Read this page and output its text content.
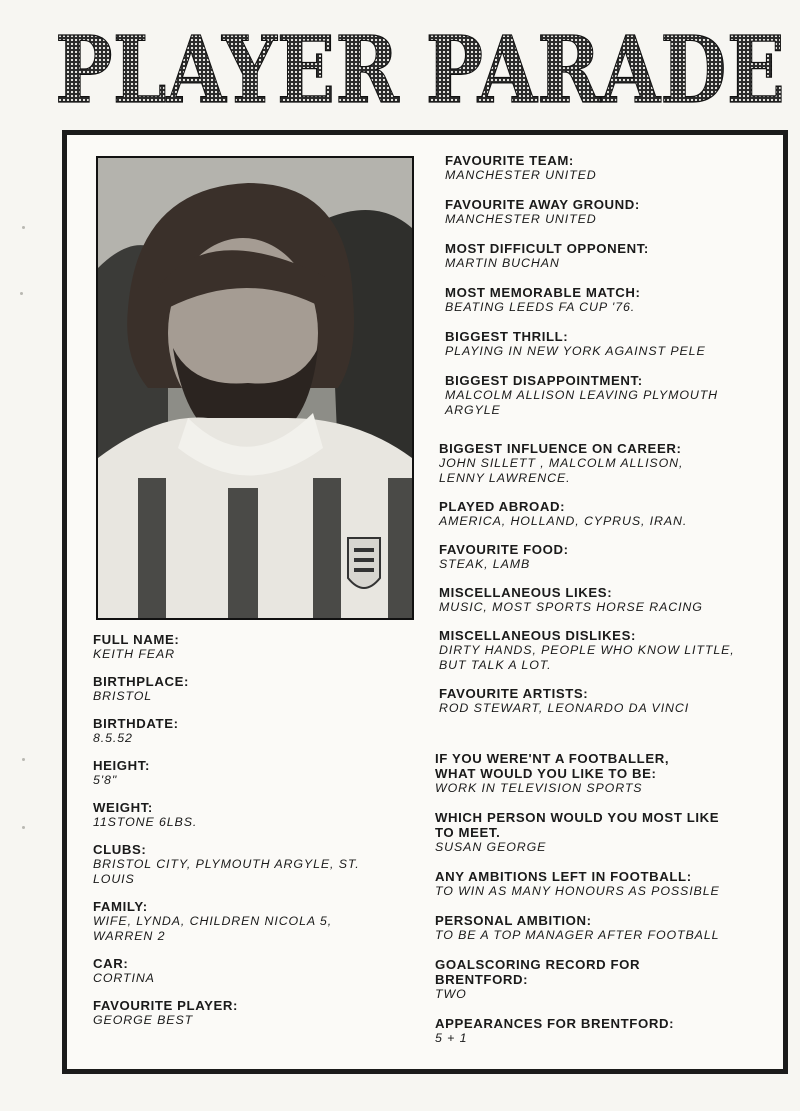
PLAYER PARADE
FULL NAME:
KEITH FEAR
BIRTHPLACE:
BRISTOL
BIRTHDATE:
8.5.52
HEIGHT:
5'8"
WEIGHT:
11STONE 6LBS.
CLUBS:
BRISTOL CITY, PLYMOUTH ARGYLE, ST.
LOUIS
FAMILY:
WIFE, LYNDA, CHILDREN NICOLA 5,
WARREN 2
CAR:
CORTINA
FAVOURITE PLAYER:
GEORGE BEST
FAVOURITE TEAM:
MANCHESTER UNITED
FAVOURITE AWAY GROUND:
MANCHESTER UNITED
MOST DIFFICULT OPPONENT:
MARTIN BUCHAN
MOST MEMORABLE MATCH:
BEATING LEEDS FA CUP '76.
BIGGEST THRILL:
PLAYING IN NEW YORK AGAINST PELE
BIGGEST DISAPPOINTMENT:
MALCOLM ALLISON LEAVING PLYMOUTH
ARGYLE
BIGGEST INFLUENCE ON CAREER:
JOHN SILLETT , MALCOLM ALLISON,
LENNY LAWRENCE.
PLAYED ABROAD:
AMERICA, HOLLAND, CYPRUS, IRAN.
FAVOURITE FOOD:
STEAK, LAMB
MISCELLANEOUS LIKES:
MUSIC, MOST SPORTS HORSE RACING
MISCELLANEOUS DISLIKES:
DIRTY HANDS, PEOPLE WHO KNOW LITTLE,
BUT TALK A LOT.
FAVOURITE ARTISTS:
ROD STEWART, LEONARDO DA VINCI
IF YOU WERE'NT A FOOTBALLER,
WHAT WOULD YOU LIKE TO BE:
WORK IN TELEVISION SPORTS
WHICH PERSON WOULD YOU MOST LIKE
TO MEET.
SUSAN GEORGE
ANY AMBITIONS LEFT IN FOOTBALL:
TO WIN AS MANY HONOURS AS POSSIBLE
PERSONAL AMBITION:
TO BE A TOP MANAGER AFTER FOOTBALL
GOALSCORING RECORD FOR
BRENTFORD:
TWO
APPEARANCES FOR BRENTFORD:
5 + 1
